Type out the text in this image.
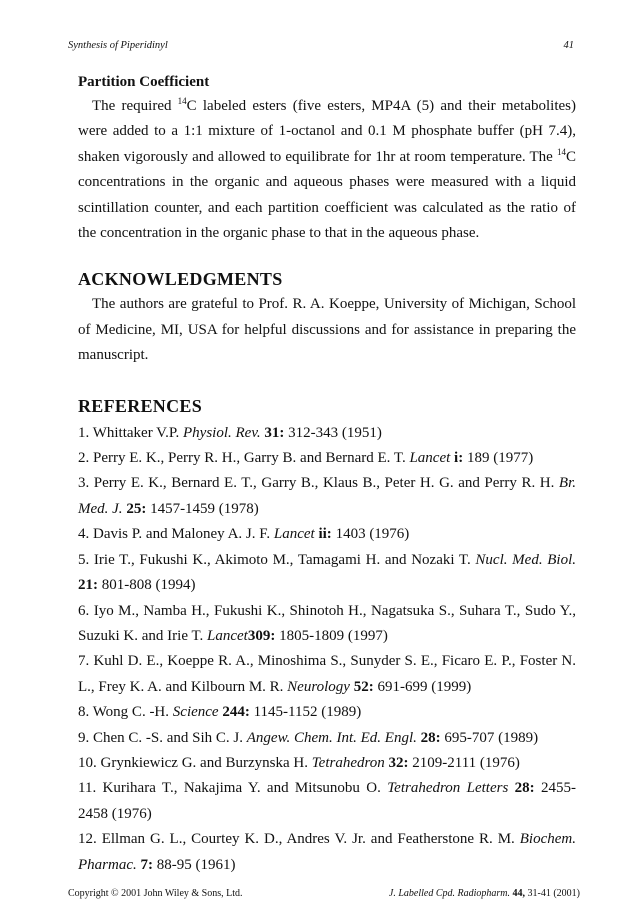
Synthesis of Piperidinyl	41
Partition Coefficient

The required $^{14}$C labeled esters (five esters, MP4A (5) and their metabolites) were added to a 1:1 mixture of 1-octanol and 0.1 M phosphate buffer (pH 7.4), shaken vigorously and allowed to equilibrate for 1hr at room temperature. The $^{14}$C concentrations in the organic and aqueous phases were measured with a liquid scintillation counter, and each partition coefficient was calculated as the ratio of the concentration in the organic phase to that in the aqueous phase.

ACKNOWLEDGMENTS

The authors are grateful to Prof. R. A. Koeppe, University of Michigan, School of Medicine, MI, USA for helpful discussions and for assistance in preparing the manuscript.

REFERENCES
1. Whittaker V.P. Physiol. Rev. 31: 312-343 (1951)
2. Perry E. K., Perry R. H., Garry B. and Bernard E. T. Lancet i: 189 (1977)
3. Perry E. K., Bernard E. T., Garry B., Klaus B., Peter H. G. and Perry R. H. Br. Med. J. 25: 1457-1459 (1978)
4. Davis P. and Maloney A. J. F. Lancet ii: 1403 (1976)
5. Irie T., Fukushi K., Akimoto M., Tamagami H. and Nozaki T. Nucl. Med. Biol. 21: 801-808 (1994)
6. Iyo M., Namba H., Fukushi K., Shinotoh H., Nagatsuka S., Suhara T., Sudo Y., Suzuki K. and Irie T. Lancet309: 1805-1809 (1997)
7. Kuhl D. E., Koeppe R. A., Minoshima S., Sunyder S. E., Ficaro E. P., Foster N. L., Frey K. A. and Kilbourn M. R. Neurology 52: 691-699 (1999)
8. Wong C. -H. Science 244: 1145-1152 (1989)
9. Chen C. -S. and Sih C. J. Angew. Chem. Int. Ed. Engl. 28: 695-707 (1989)
10. Grynkiewicz G. and Burzynska H. Tetrahedron 32: 2109-2111 (1976)
11. Kurihara T., Nakajima Y. and Mitsunobu O. Tetrahedron Letters 28: 2455-2458 (1976)
12. Ellman G. L., Courtey K. D., Andres V. Jr. and Featherstone R. M. Biochem. Pharmac. 7: 88-95 (1961)
Copyright © 2001 John Wiley & Sons, Ltd.	J. Labelled Cpd. Radiopharm. 44, 31-41 (2001)
